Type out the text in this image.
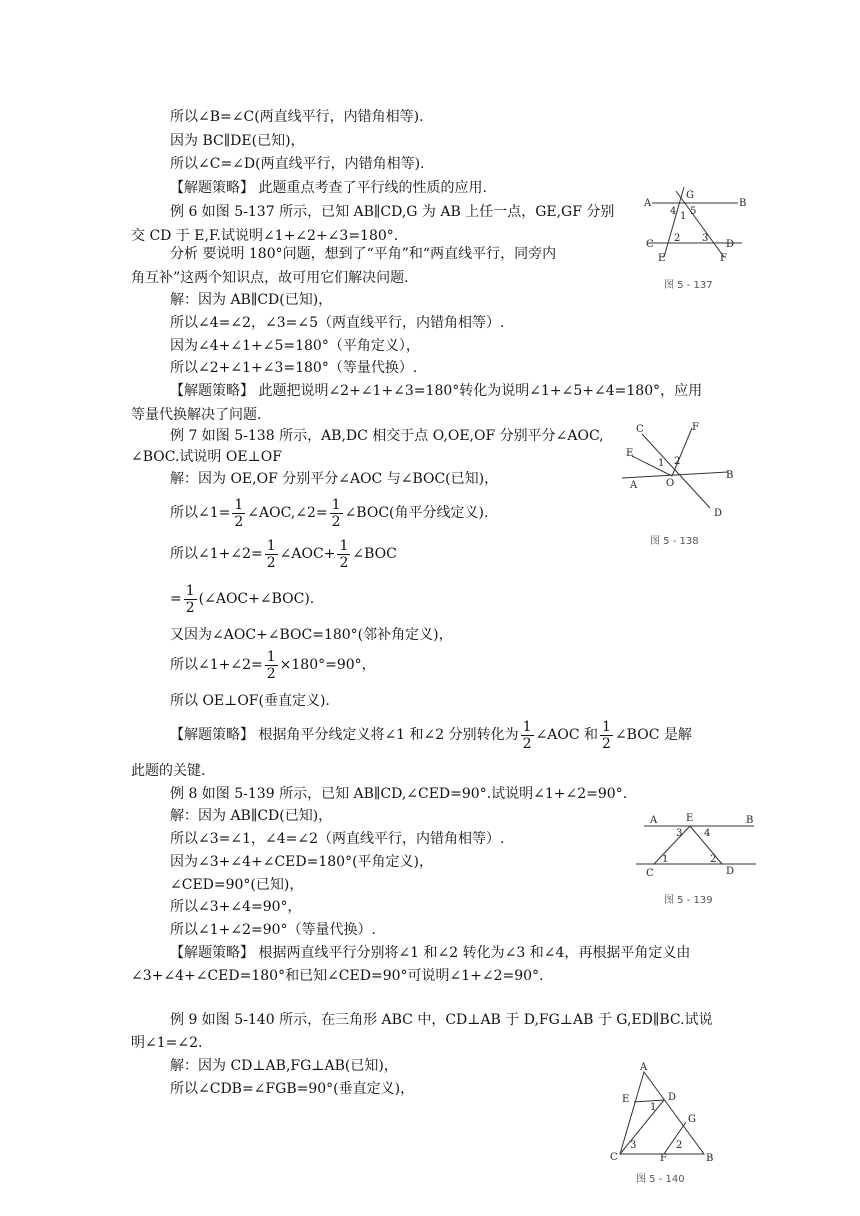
所以∠B=∠C(两直线平行，内错角相等).
因为 BC∥DE(已知)，
所以∠C=∠D(两直线平行，内错角相等).
【解题策略】 此题重点考查了平行线的性质的应用.
例 6 如图 5-137 所示，已知 AB∥CD,G 为 AB 上任一点，GE,GF 分别
交 CD 于 E,F.试说明∠1+∠2+∠3=180°.
分析 要说明 180°问题，想到了“平角”和“两直线平行，同旁内
角互补”这两个知识点，故可用它们解决问题.
解：因为 AB∥CD(已知)，
所以∠4=∠2，∠3=∠5（两直线平行，内错角相等）.
因为∠4+∠1+∠5=180°（平角定义），
所以∠2+∠1+∠3=180°（等量代换）.
【解题策略】 此题把说明∠2+∠1+∠3=180°转化为说明∠1+∠5+∠4=180°，应用
等量代换解决了问题.
例 7 如图 5-138 所示，AB,DC 相交于点 O,OE,OF 分别平分∠AOC,
∠BOC.试说明 OE⊥OF
解：因为 OE,OF 分别平分∠AOC 与∠BOC(已知)，
所以∠1= $\frac{1}{2}$ ∠AOC,∠2= $\frac{1}{2}$ ∠BOC(角平分线定义).
所以∠1+∠2= $\frac{1}{2}$ ∠AOC+ $\frac{1}{2}$ ∠BOC
= $\frac{1}{2}$ (∠AOC+∠BOC).
又因为∠AOC+∠BOC=180°(邻补角定义)，
所以∠1+∠2= $\frac{1}{2} \times 180^\circ=90^\circ$，
所以 OE⊥OF(垂直定义).
【解题策略】 根据角平分线定义将∠1 和∠2 分别转化为 $\frac{1}{2}$ ∠AOC 和 $\frac{1}{2}$ ∠BOC 是解
此题的关键.
例 8 如图 5-139 所示，已知 AB∥CD,∠CED=90°.试说明∠1+∠2=90°.
解：因为 AB∥CD(已知)，
所以∠3=∠1，∠4=∠2（两直线平行，内错角相等）.
因为∠3+∠4+∠CED=180°(平角定义)，
∠CED=90°(已知)，
所以∠3+∠4=90°，
所以∠1+∠2=90°（等量代换）.
【解题策略】 根据两直线平行分别将∠1 和∠2 转化为∠3 和∠4，再根据平角定义由
∠3+∠4+∠CED=180°和已知∠CED=90°可说明∠1+∠2=90°.
例 9 如图 5-140 所示，在三角形 ABC 中，CD⊥AB 于 D,FG⊥AB 于 G,ED∥BC.试说
明∠1=∠2.
解：因为 CD⊥AB,FG⊥AB(已知)，
所以∠CDB=∠FGB=90°(垂直定义)，
A
G
B
4 1 5
C
2 3
D
E	F
图 5 - 137
C	F
E
1 2
A	O
B
D
图 5 - 138
A	E	B
3 4
1	2
C	D
图 5 - 139
A
E
1
D
G
3	2
C	F	B
图 5 - 140
